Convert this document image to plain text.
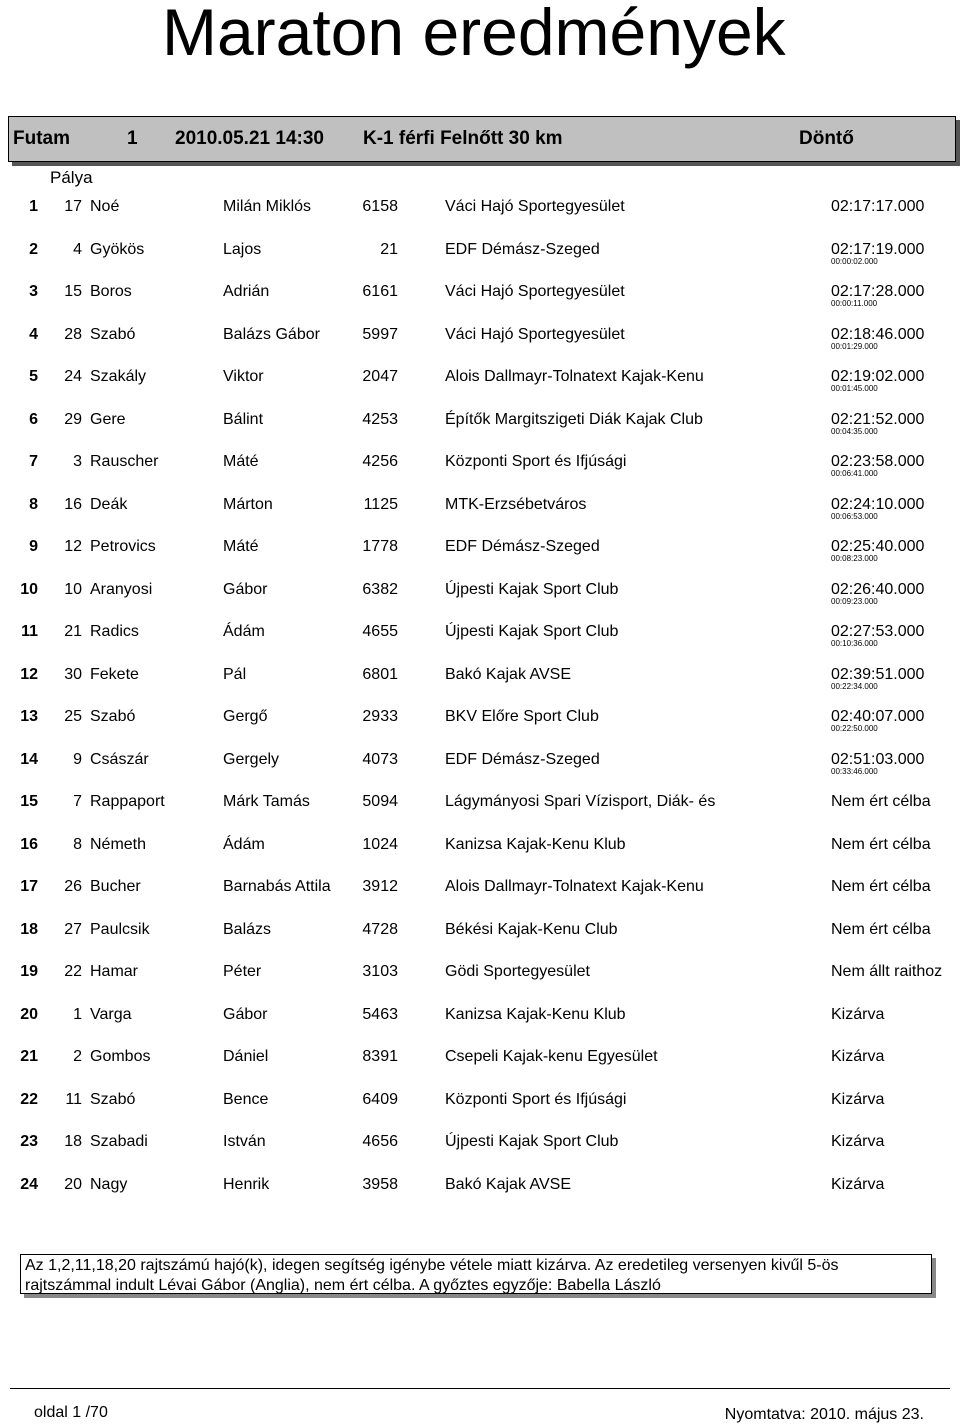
Maraton eredmények
Futam	1 2010.05.21 14:30 K-1 férfi Felnőtt 30 km	Döntő
Pálya
1	17 Noé	Milán Miklós	6158	Váci Hajó Sportegyesület	02:17:17.000
2	4 Gyökös	Lajos	21	EDF Démász-Szeged	02:17:19.000
00:00:02.000
3	15 Boros	Adrián	6161	Váci Hajó Sportegyesület	02:17:28.000
00:00:11.000
4	28 Szabó	Balázs Gábor	5997	Váci Hajó Sportegyesület	02:18:46.000
00:01:29.000
5	24 Szakály	Viktor	2047	Alois Dallmayr-Tolnatext Kajak-Kenu	02:19:02.000
00:01:45.000
6	29 Gere	Bálint	4253	Építők Margitszigeti Diák Kajak Club	02:21:52.000
00:04:35.000
7	3 Rauscher	Máté	4256	Központi Sport és Ifjúsági	02:23:58.000
00:06:41.000
8	16 Deák	Márton	1125	MTK-Erzsébetváros	02:24:10.000
00:06:53.000
9	12 Petrovics	Máté	1778	EDF Démász-Szeged	02:25:40.000
00:08:23.000
10	10 Aranyosi	Gábor	6382	Újpesti Kajak Sport Club	02:26:40.000
00:09:23.000
11	21 Radics	Ádám	4655	Újpesti Kajak Sport Club	02:27:53.000
00:10:36.000
12	30 Fekete	Pál	6801	Bakó Kajak AVSE	02:39:51.000
00:22:34.000
13	25 Szabó	Gergő	2933	BKV Előre Sport Club	02:40:07.000
00:22:50.000
14	9 Császár	Gergely	4073	EDF Démász-Szeged	02:51:03.000
00:33:46.000
15	7 Rappaport	Márk Tamás	5094	Lágymányosi Spari Vízisport, Diák- és	Nem ért célba
16	8 Németh	Ádám	1024	Kanizsa Kajak-Kenu Klub	Nem ért célba
17	26 Bucher	Barnabás Attila 3912	Alois Dallmayr-Tolnatext Kajak-Kenu	Nem ért célba
18	27 Paulcsik	Balázs	4728	Békési Kajak-Kenu Club	Nem ért célba
19	22 Hamar	Péter	3103	Gödi Sportegyesület	Nem állt raithoz
20	1 Varga	Gábor	5463	Kanizsa Kajak-Kenu Klub	Kizárva
21	2 Gombos	Dániel	8391	Csepeli Kajak-kenu Egyesület	Kizárva
22	11 Szabó	Bence	6409	Központi Sport és Ifjúsági	Kizárva
23	18 Szabadi	István	4656	Újpesti Kajak Sport Club	Kizárva
24	20 Nagy	Henrik	3958	Bakó Kajak AVSE	Kizárva
Az 1,2,11,18,20 rajtszámú hajó(k), idegen segítség igénybe vétele miatt kizárva. Az eredetileg versenyen kivűl 5-ös rajtszámmal indult Lévai Gábor (Anglia), nem ért célba. A győztes egyzője: Babella László
oldal 1 /70	Nyomtatva: 2010. május 23.
